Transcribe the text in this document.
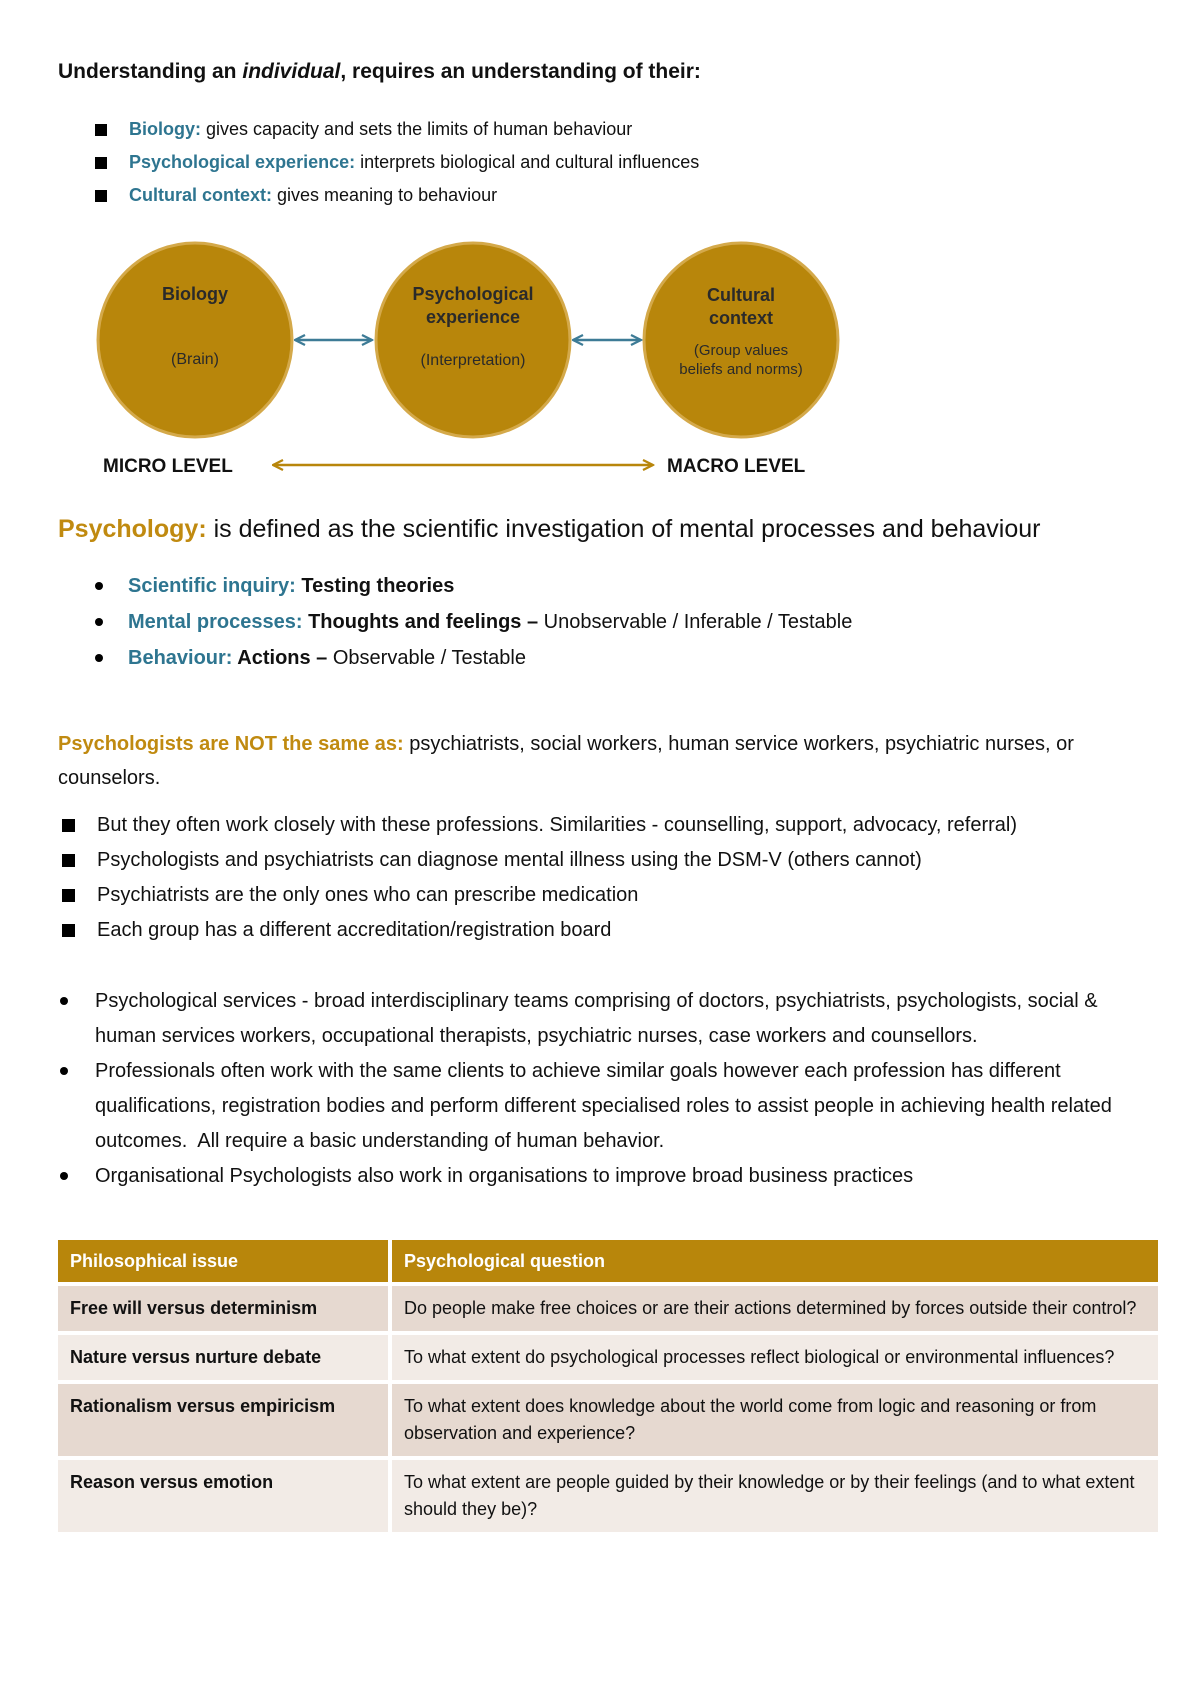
Understanding an individual, requires an understanding of their:
Biology: gives capacity and sets the limits of human behaviour
Psychological experience: interprets biological and cultural influences
Cultural context: gives meaning to behaviour
Biology
(Brain)
Psychological
experience
(Interpretation)
Cultural
context
(Group values
beliefs and norms)
MICRO LEVEL	MACRO LEVEL
Psychology: is defined as the scientific investigation of mental processes and behaviour
Scientific inquiry: Testing theories
Mental processes: Thoughts and feelings – Unobservable / Inferable / Testable
Behaviour: Actions – Observable / Testable

Psychologists are NOT the same as: psychiatrists, social workers, human service workers, psychiatric nurses, or counselors.

But they often work closely with these professions. Similarities - counselling, support, advocacy, referral)
Psychologists and psychiatrists can diagnose mental illness using the DSM-V (others cannot)
Psychiatrists are the only ones who can prescribe medication
Each group has a different accreditation/registration board
Psychological services - broad interdisciplinary teams comprising of doctors, psychiatrists, psychologists, social & human services workers, occupational therapists, psychiatric nurses, case workers and counsellors.
Professionals often work with the same clients to achieve similar goals however each profession has different qualifications, registration bodies and perform different specialised roles to assist people in achieving health related outcomes.  All require a basic understanding of human behavior.
Organisational Psychologists also work in organisations to improve broad business practices
Philosophical issue	Psychological question
Free will versus determinism	Do people make free choices or are their actions determined by forces outside their control?
Nature versus nurture debate	To what extent do psychological processes reflect biological or environmental influences?
Rationalism versus empiricism	To what extent does knowledge about the world come from logic and reasoning or from observation and experience?
Reason versus emotion	To what extent are people guided by their knowledge or by their feelings (and to what extent should they be)?
